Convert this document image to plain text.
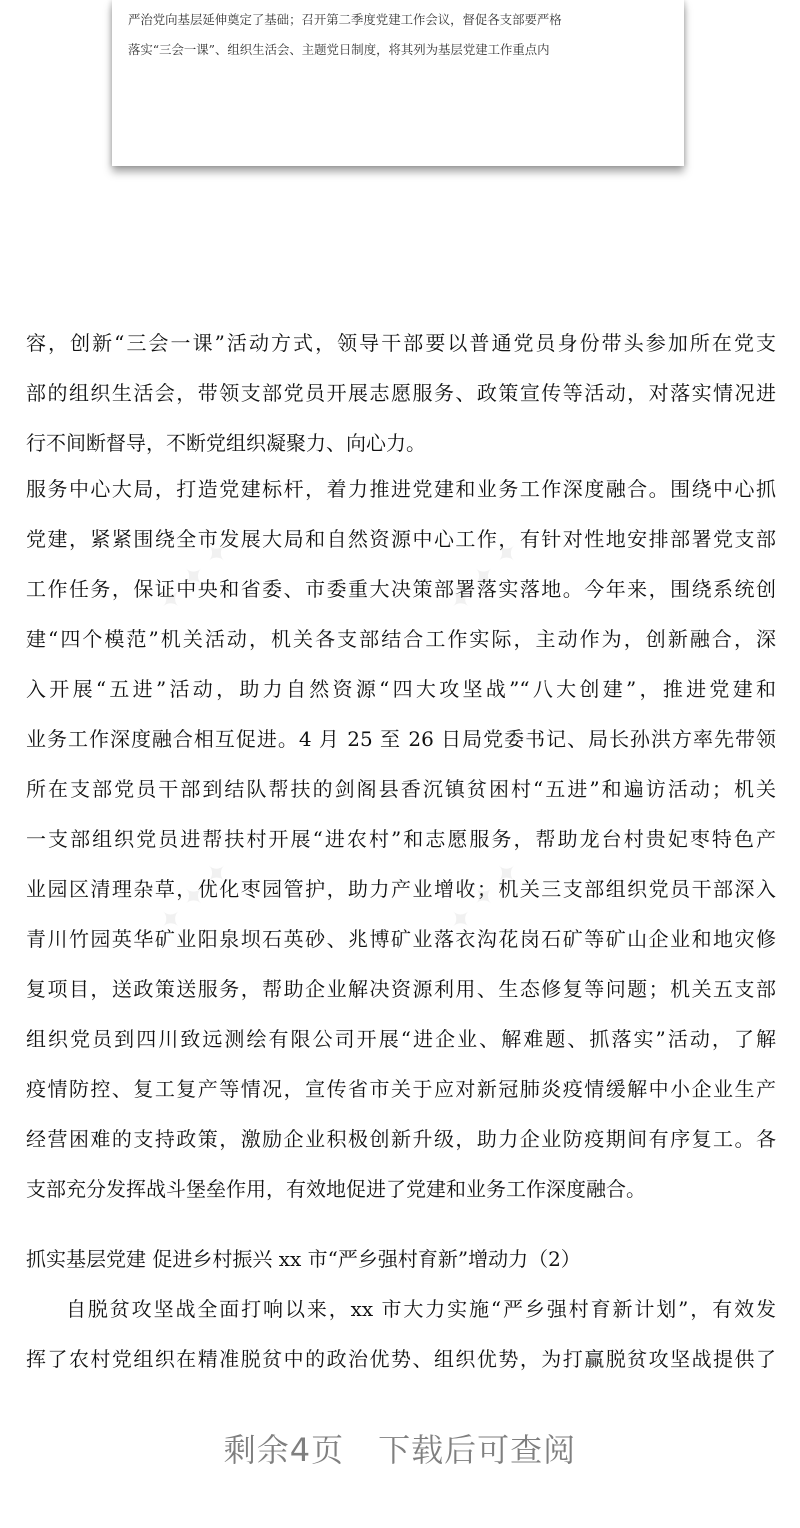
严治党向基层延伸奠定了基础；召开第二季度党建工作会议，督促各支部要严格
落实“三会一课”、组织生活会、主题党日制度，将其列为基层党建工作重点内
✦ ✦ ✦	✦ ✦ ✦
✦ ✦ ✦	✦ ✦ ✦
容，创新“三会一课”活动方式，领导干部要以普通党员身份带头参加所在党支
部的组织生活会，带领支部党员开展志愿服务、政策宣传等活动，对落实情况进
行不间断督导，不断党组织凝聚力、向心力。
服务中心大局，打造党建标杆，着力推进党建和业务工作深度融合。围绕中心抓
党建，紧紧围绕全市发展大局和自然资源中心工作，有针对性地安排部署党支部
工作任务，保证中央和省委、市委重大决策部署落实落地。今年来，围绕系统创
建“四个模范”机关活动，机关各支部结合工作实际，主动作为，创新融合，深
入开展“五进”活动，助力自然资源“四大攻坚战”“八大创建”，推进党建和
业务工作深度融合相互促进。4 月 25 至 26 日局党委书记、局长孙洪方率先带领
所在支部党员干部到结队帮扶的剑阁县香沉镇贫困村“五进”和遍访活动；机关
一支部组织党员进帮扶村开展“进农村”和志愿服务，帮助龙台村贵妃枣特色产
业园区清理杂草，优化枣园管护，助力产业增收；机关三支部组织党员干部深入
青川竹园英华矿业阳泉坝石英砂、兆博矿业落衣沟花岗石矿等矿山企业和地灾修
复项目，送政策送服务，帮助企业解决资源利用、生态修复等问题；机关五支部
组织党员到四川致远测绘有限公司开展“进企业、解难题、抓落实”活动，了解
疫情防控、复工复产等情况，宣传省市关于应对新冠肺炎疫情缓解中小企业生产
经营困难的支持政策，激励企业积极创新升级，助力企业防疫期间有序复工。各
支部充分发挥战斗堡垒作用，有效地促进了党建和业务工作深度融合。
抓实基层党建 促进乡村振兴 xx 市“严乡强村育新”增动力（2）
自脱贫攻坚战全面打响以来，xx 市大力实施“严乡强村育新计划”，有效发
挥了农村党组织在精准脱贫中的政治优势、组织优势，为打赢脱贫攻坚战提供了
剩余4页 下载后可查阅
